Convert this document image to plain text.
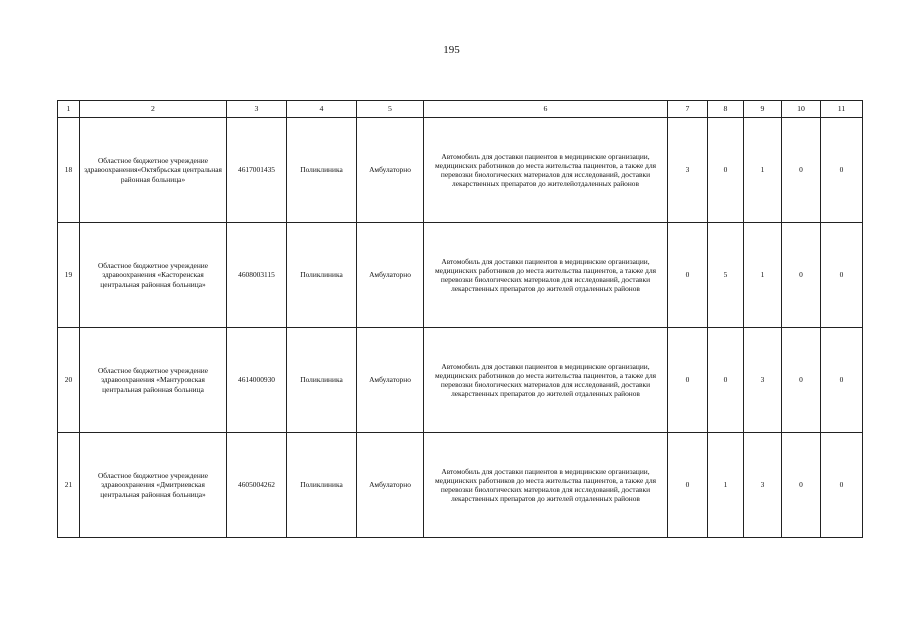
195
1	2	3	4	5	6	7	8	9	10	11
18	Областное бюджетное учреждение здравоохранения«Октябрьская центральная районная больница»	4617001435	Поликлиника	Амбулаторно	Автомобиль для доставки пациентов в медицинские организации, медицинских работников до места жительства пациентов, а также для перевозки биологических материалов для исследований, доставки лекарственных препаратов до жителейотдаленных районов	3	0	1	0	0
19	Областное бюджетное учреждение здравоохранения «Касторенская центральная районная больница»	4608003115	Поликлиника	Амбулаторно	Автомобиль для доставки пациентов в медицинские организации, медицинских работников до места жительства пациентов, а также для перевозки биологических материалов для исследований, доставки лекарственных препаратов до жителей отдаленных районов	0	5	1	0	0
20	Областное бюджетное учреждение здравоохранения «Мантуровская центральная районная больница	4614000930	Поликлиника	Амбулаторно	Автомобиль для доставки пациентов в медицинские организации, медицинских работников до места жительства пациентов, а также для перевозки биологических материалов для исследований, доставки лекарственных препаратов до жителей отдаленных районов	0	0	3	0	0
21	Областное бюджетное учреждение здравоохранения «Дмитриевская центральная районная больница»	4605004262	Поликлиника	Амбулаторно	Автомобиль для доставки пациентов в медицинские организации, медицинских работников до места жительства пациентов, а также для перевозки биологических материалов для исследований, доставки лекарственных препаратов до жителей отдаленных районов	0	1	3	0	0
